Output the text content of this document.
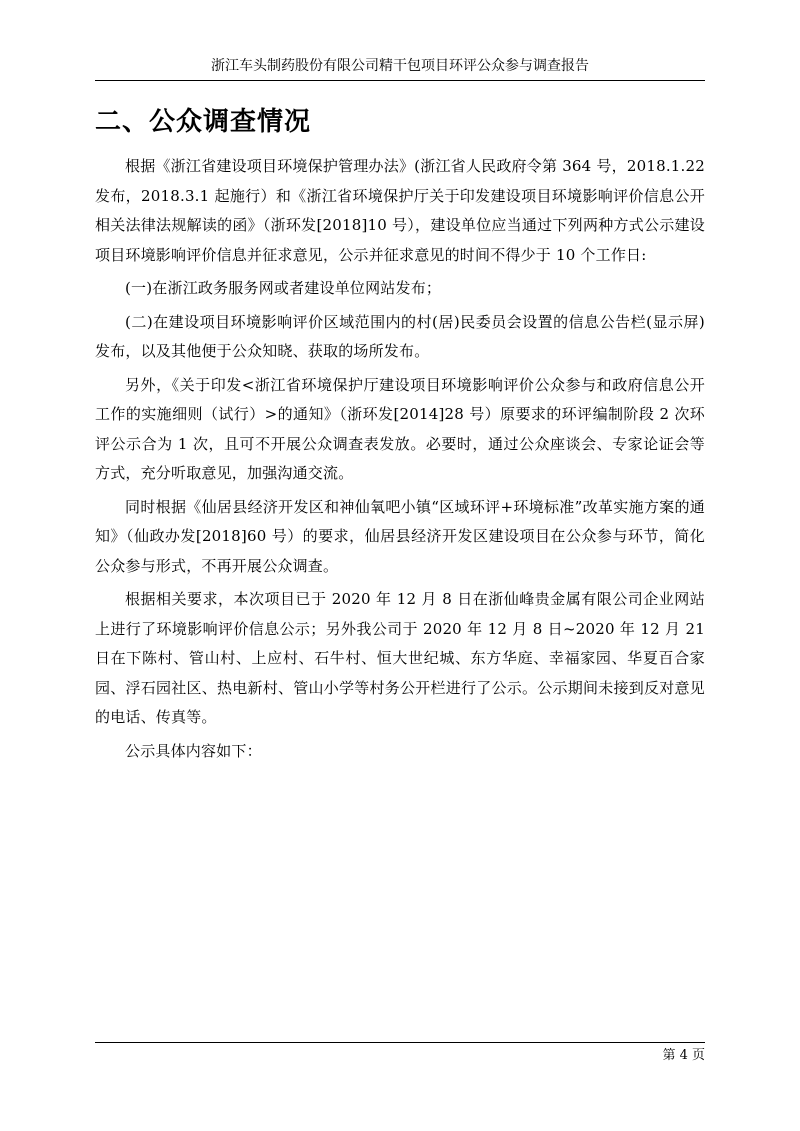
浙江车头制药股份有限公司精干包项目环评公众参与调查报告
二、公众调查情况

根据《浙江省建设项目环境保护管理办法》(浙江省人民政府令第 364 号，2018.1.22 发布，2018.3.1 起施行）和《浙江省环境保护厅关于印发建设项目环境影响评价信息公开相关法律法规解读的函》（浙环发[2018]10 号），建设单位应当通过下列两种方式公示建设项目环境影响评价信息并征求意见，公示并征求意见的时间不得少于 10 个工作日:

(一)在浙江政务服务网或者建设单位网站发布；

(二)在建设项目环境影响评价区域范围内的村(居)民委员会设置的信息公告栏(显示屏)发布，以及其他便于公众知晓、获取的场所发布。

另外，《关于印发<浙江省环境保护厅建设项目环境影响评价公众参与和政府信息公开工作的实施细则（试行）>的通知》（浙环发[2014]28 号）原要求的环评编制阶段 2 次环评公示合为 1 次，且可不开展公众调查表发放。必要时，通过公众座谈会、专家论证会等方式，充分听取意见，加强沟通交流。

同时根据《仙居县经济开发区和神仙氧吧小镇“区域环评+环境标准”改革实施方案的通知》（仙政办发[2018]60 号）的要求，仙居县经济开发区建设项目在公众参与环节，简化公众参与形式，不再开展公众调查。

根据相关要求，本次项目已于 2020 年 12 月 8 日在浙仙峰贵金属有限公司企业网站上进行了环境影响评价信息公示；另外我公司于 2020 年 12 月 8 日~2020 年 12 月 21 日在下陈村、管山村、上应村、石牛村、恒大世纪城、东方华庭、幸福家园、华夏百合家园、浮石园社区、热电新村、管山小学等村务公开栏进行了公示。公示期间未接到反对意见的电话、传真等。

公示具体内容如下：

第 4 页
